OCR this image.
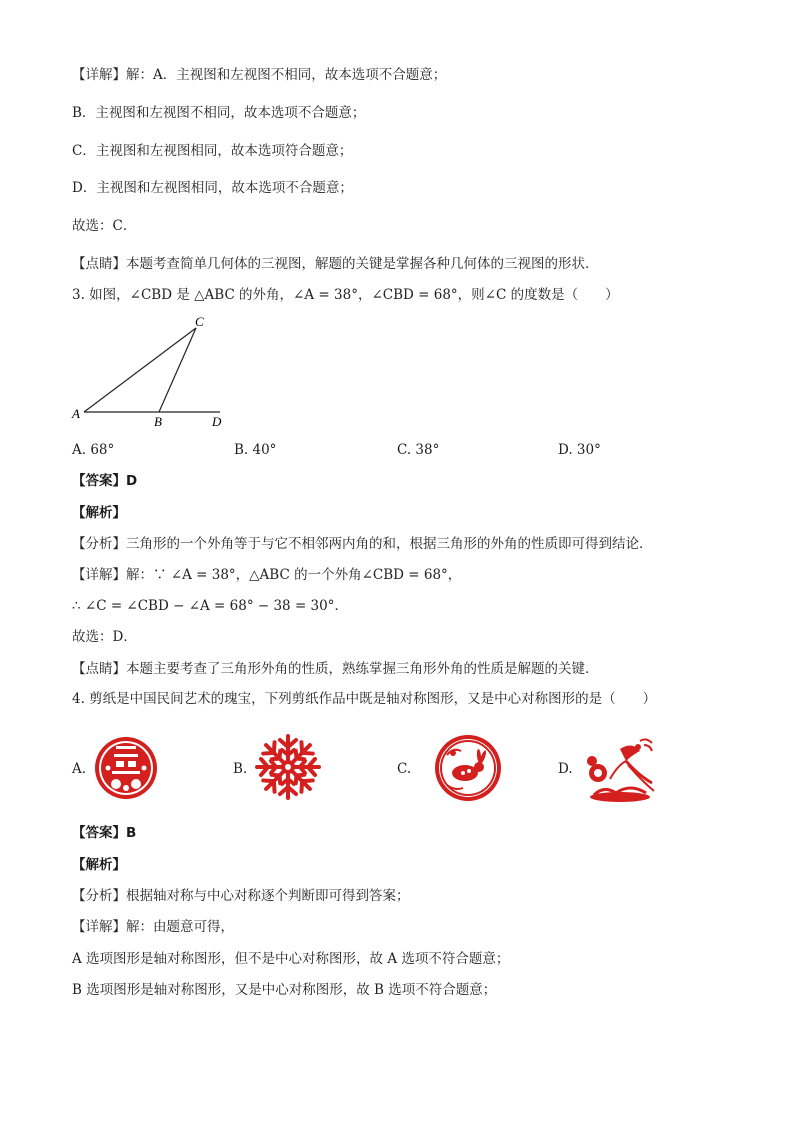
【详解】解：A．主视图和左视图不相同，故本选项不合题意；
B．主视图和左视图不相同，故本选项不合题意；
C．主视图和左视图相同，故本选项符合题意；
D．主视图和左视图相同，故本选项不合题意；
故选：C．
【点睛】本题考查简单几何体的三视图，解题的关键是掌握各种几何体的三视图的形状．
3. 如图，∠CBD 是 △ABC 的外角，∠A = 38°，∠CBD = 68°，则∠C 的度数是（　　）
A
B
C
D
A. 68°	B. 40°	C. 38°	D. 30°
【答案】D
【解析】
【分析】三角形的一个外角等于与它不相邻两内角的和，根据三角形的外角的性质即可得到结论．
【详解】解：∵ ∠A = 38°，△ABC 的一个外角∠CBD = 68°，
∴ ∠C = ∠CBD − ∠A = 68° − 38 = 30°．
故选：D．
【点睛】本题主要考查了三角形外角的性质，熟练掌握三角形外角的性质是解题的关键．
4. 剪纸是中国民间艺术的瑰宝，下列剪纸作品中既是轴对称图形，又是中心对称图形的是（　　）
A.	B.	C.	D.
【答案】B
【解析】
【分析】根据轴对称与中心对称逐个判断即可得到答案；
【详解】解：由题意可得，
A 选项图形是轴对称图形，但不是中心对称图形，故 A 选项不符合题意；
B 选项图形是轴对称图形，又是中心对称图形，故 B 选项不符合题意；
